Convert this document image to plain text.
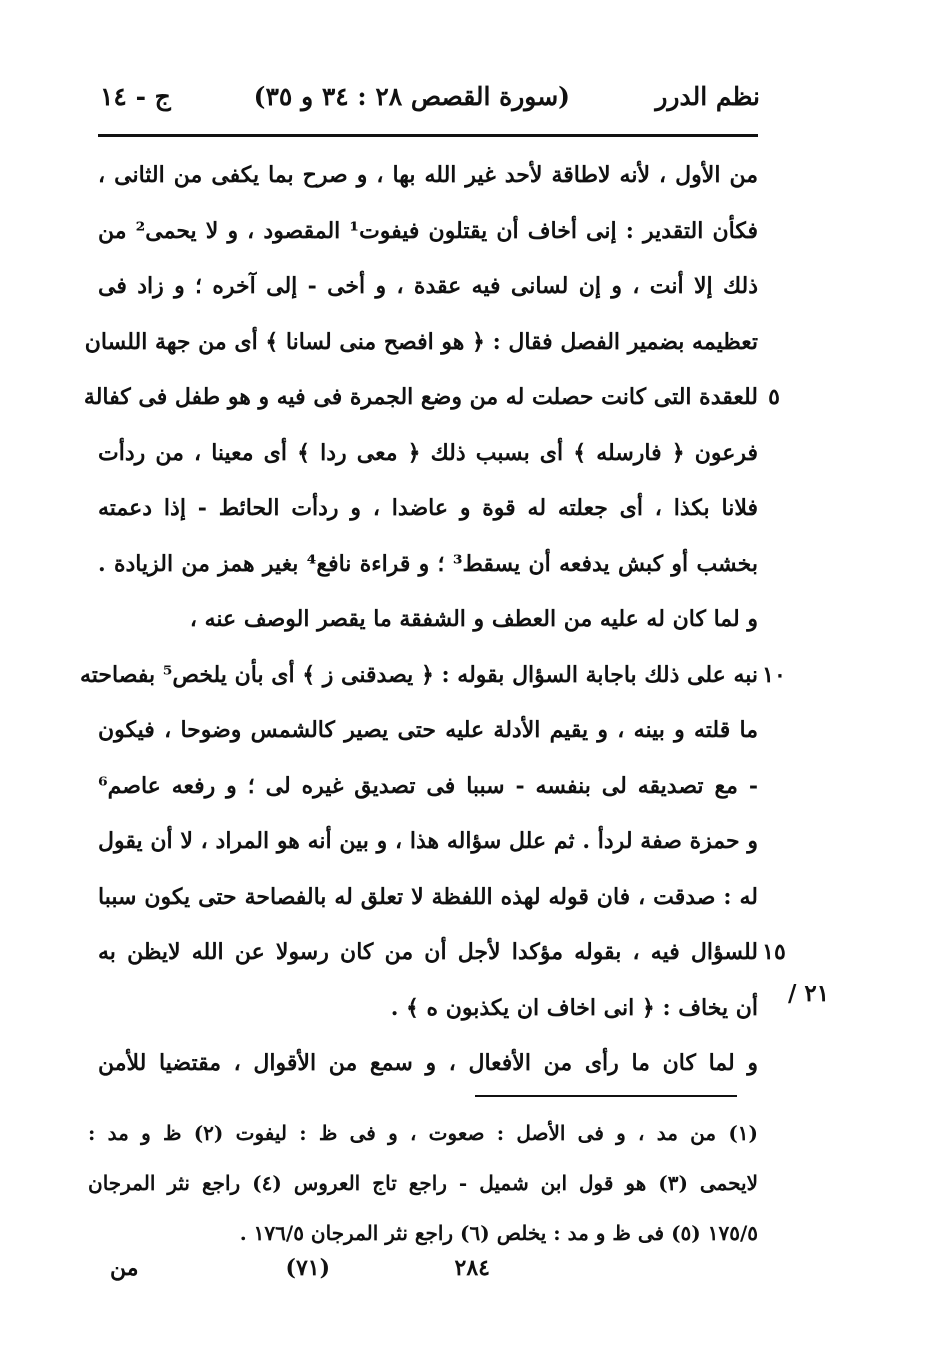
نظم الدرر
(سورة القصص ٢٨ : ٣٤ و ٣٥)
ج - ١٤
من الأول ، لأنه لاطاقة لأحد غير الله بها ، و صرح بما يكفى من الثانى ،
فكأن التقدير : إنى أخاف أن يقتلون فيفوت¹ المقصود ، و لا يحمى² من
ذلك إلا أنت ، و إن لسانى فيه عقدة ، و أخى - إلى آخره ؛ و زاد فى
تعظيمه بضمير الفصل فقال : ﴿ هو افصح منى لسانا ﴾ أى من جهة اللسان
للعقدة التى كانت حصلت له من وضع الجمرة فى فيه و هو طفل فى كفالة
فرعون ﴿ فارسله ﴾ أى بسبب ذلك ﴿ معى ردا ﴾ أى معينا ، من ردأت
فلانا بكذا ، أى جعلته له قوة و عاضدا ، و ردأت الحائط - إذا دعمته
بخشب أو كبش يدفعه أن يسقط³ ؛ و قراءة نافع⁴ بغير همز من الزيادة .
و لما كان له عليه من العطف و الشفقة ما يقصر الوصف عنه ،
نبه على ذلك باجابة السؤال بقوله : ﴿ يصدقنى ز ﴾ أى بأن يلخص⁵ بفصاحته
ما قلته و بينه ، و يقيم الأدلة عليه حتى يصير كالشمس وضوحا ، فيكون
- مع تصديقه لى بنفسه - سببا فى تصديق غيره لى ؛ و رفعه عاصم⁶
و حمزة صفة لردأ . ثم علل سؤاله هذا ، و بين أنه هو المراد ، لا أن يقول
له : صدقت ، فان قوله لهذه اللفظة لا تعلق له بالفصاحة حتى يكون سببا
للسؤال فيه ، بقوله مؤكدا لأجل أن من كان رسولا عن الله لايظن به
أن يخاف : ﴿ انى اخاف ان يكذبون ه ﴾ .
و لما كان ما رأى من الأفعال ، و سمع من الأقوال ، مقتضيا للأمن
٥
١٠
١٥
٢١ /
(١) من مد ، و فى الأصل : صعوت ، و فى ظ : ليفوت (٢) ظ و مد :
لايحمى (٣) هو قول ابن شميل - راجع تاج العروس (٤) راجع نثر المرجان
١٧٥/٥ (٥) فى ظ و مد : يخلص (٦) راجع نثر المرجان ١٧٦/٥ .
٢٨٤
(٧١)
من
